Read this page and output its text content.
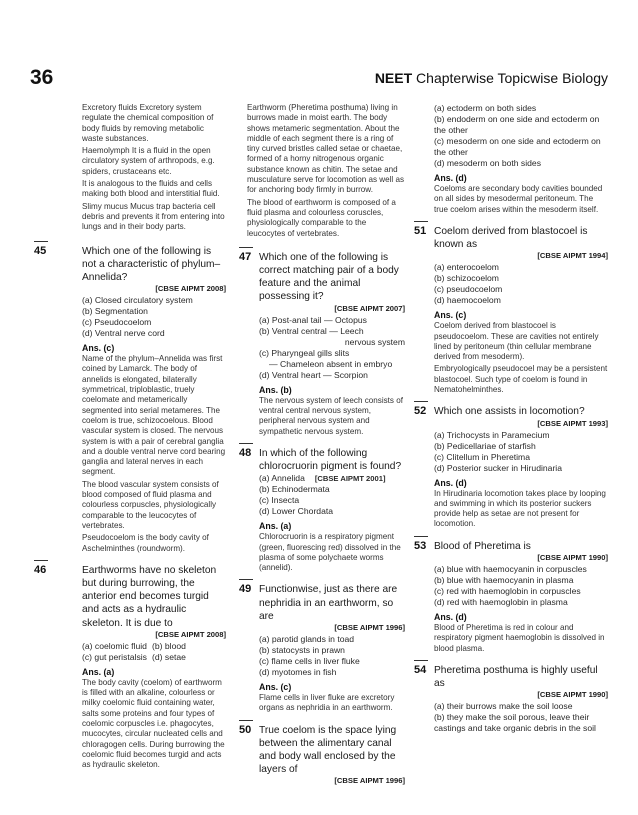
36	NEET Chapterwise Topicwise Biology

Excretory fluids Excretory system regulate the chemical composition of body fluids by removing metabolic waste substances.

Haemolymph It is a fluid in the open circulatory system of arthropods, e.g. spiders, crustaceans etc.

It is analogous to the fluids and cells making both blood and interstitial fluid.

Slimy mucus Mucus trap bacteria cell debris and prevents it from entering into lungs and in their body parts.

45	Which one of the following is not a characteristic of phylum–Annelida?
[CBSE AIPMT 2008]
(a) Closed circulatory system
(b) Segmentation
(c) Pseudocoelom
(d) Ventral nerve cord
Ans. (c)

Name of the phylum–Annelida was first coined by Lamarck. The body of annelids is elongated, bilaterally symmetrical, triploblastic, truely coelomate and metamerically segmented into serial metameres. The coelom is true, schizocoelous. Blood vascular system is closed. The nervous system is with a pair of cerebral ganglia and a double ventral nerve cord bearing ganglia and lateral nerves in each segment.

The blood vascular system consists of blood composed of fluid plasma and colourless corpuscles, physiologically comparable to the leucocytes of vertebrates.

Pseudocoelom is the body cavity of Aschelminthes (roundworm).

46	Earthworms have no skeleton but during burrowing, the anterior end becomes turgid and acts as a hydraulic skeleton. It is due to
[CBSE AIPMT 2008]
(a) coelomic fluid (b) blood
(c) gut peristalsis (d) setae
Ans. (a)

The body cavity (coelom) of earthworm is filled with an alkaline, colourless or milky coelomic fluid containing water, salts some proteins and four types of coelomic corpuscles i.e. phagocytes, mucocytes, circular nucleated cells and chloragogen cells. During burrowing the coelomic fluid becomes turgid and acts as hydraulic skeleton.

Earthworm (Pheretima posthuma) living in burrows made in moist earth. The body shows metameric segmentation. About the middle of each segment there is a ring of tiny curved bristles called setae or chaetae, formed of a horny nitrogenous organic substance known as chitin. The setae and musculature serve for locomotion as well as for anchoring body firmly in burrow.

The blood of earthworm is composed of a fluid plasma and colourless coruscles, physiologically comparable to the leucocytes of vertebrates.

47 Which one of the following is correct matching pair of a body feature and the animal possessing it?
[CBSE AIPMT 2007]
(a) Post-anal tail — Octopus
(b) Ventral central — Leech
nervous system
(c) Pharyngeal gills slits
— Chameleon absent in embryo
(d) Ventral heart — Scorpion
Ans. (b)

The nervous system of leech consists of ventral central nervous system, peripheral nervous system and sympathetic nervous system.

48 In which of the following chlorocruorin pigment is found?
(a) Annelida [CBSE AIPMT 2001]
(b) Echinodermata
(c) Insecta
(d) Lower Chordata
Ans. (a)

Chlorocruorin is a respiratory pigment (green, fluorescing red) dissolved in the plasma of some polychaete worms (annelid).

49 Functionwise, just as there are nephridia in an earthworm, so are
[CBSE AIPMT 1996]
(a) parotid glands in toad
(b) statocysts in prawn
(c) flame cells in liver fluke
(d) myotomes in fish
Ans. (c)

Flame cells in liver fluke are excretory organs as nephridia in an earthworm.

50 True coelom is the space lying between the alimentary canal and body wall enclosed by the layers of
[CBSE AIPMT 1996]
(a) ectoderm on both sides
(b) endoderm on one side and ectoderm on the other
(c) mesoderm on one side and ectoderm on the other
(d) mesoderm on both sides
Ans. (d)

Coeloms are secondary body cavities bounded on all sides by mesodermal peritoneum. The true coelom arises within the mesoderm itself.

51 Coelom derived from blastocoel is known as
[CBSE AIPMT 1994]
(a) enterocoelom
(b) schizocoelom
(c) pseudocoelom
(d) haemocoelom
Ans. (c)

Coelom derived from blastocoel is pseudocoelom. These are cavities not entirely lined by peritoneum (thin cellular membrane derived from mesoderm).

Embryologically pseudocoel may be a persistent blastocoel. Such type of coelom is found in Nematohelminthes.

52 Which one assists in locomotion?
[CBSE AIPMT 1993]
(a) Trichocysts in Paramecium
(b) Pedicellariae of starfish
(c) Clitellum in Pheretima
(d) Posterior sucker in Hirudinaria
Ans. (d)

In Hirudinaria locomotion takes place by looping and swimming in which its posterior suckers provide help as setae are not present for locomotion.

53 Blood of Pheretima is
[CBSE AIPMT 1990]
(a) blue with haemocyanin in corpuscles
(b) blue with haemocyanin in plasma
(c) red with haemoglobin in corpuscles
(d) red with haemoglobin in plasma
Ans. (d)

Blood of Pheretima is red in colour and respiratory pigment haemoglobin is dissolved in blood plasma.

54 Pheretima posthuma is highly useful as
[CBSE AIPMT 1990]
(a) their burrows make the soil loose
(b) they make the soil porous, leave their castings and take organic debris in the soil
